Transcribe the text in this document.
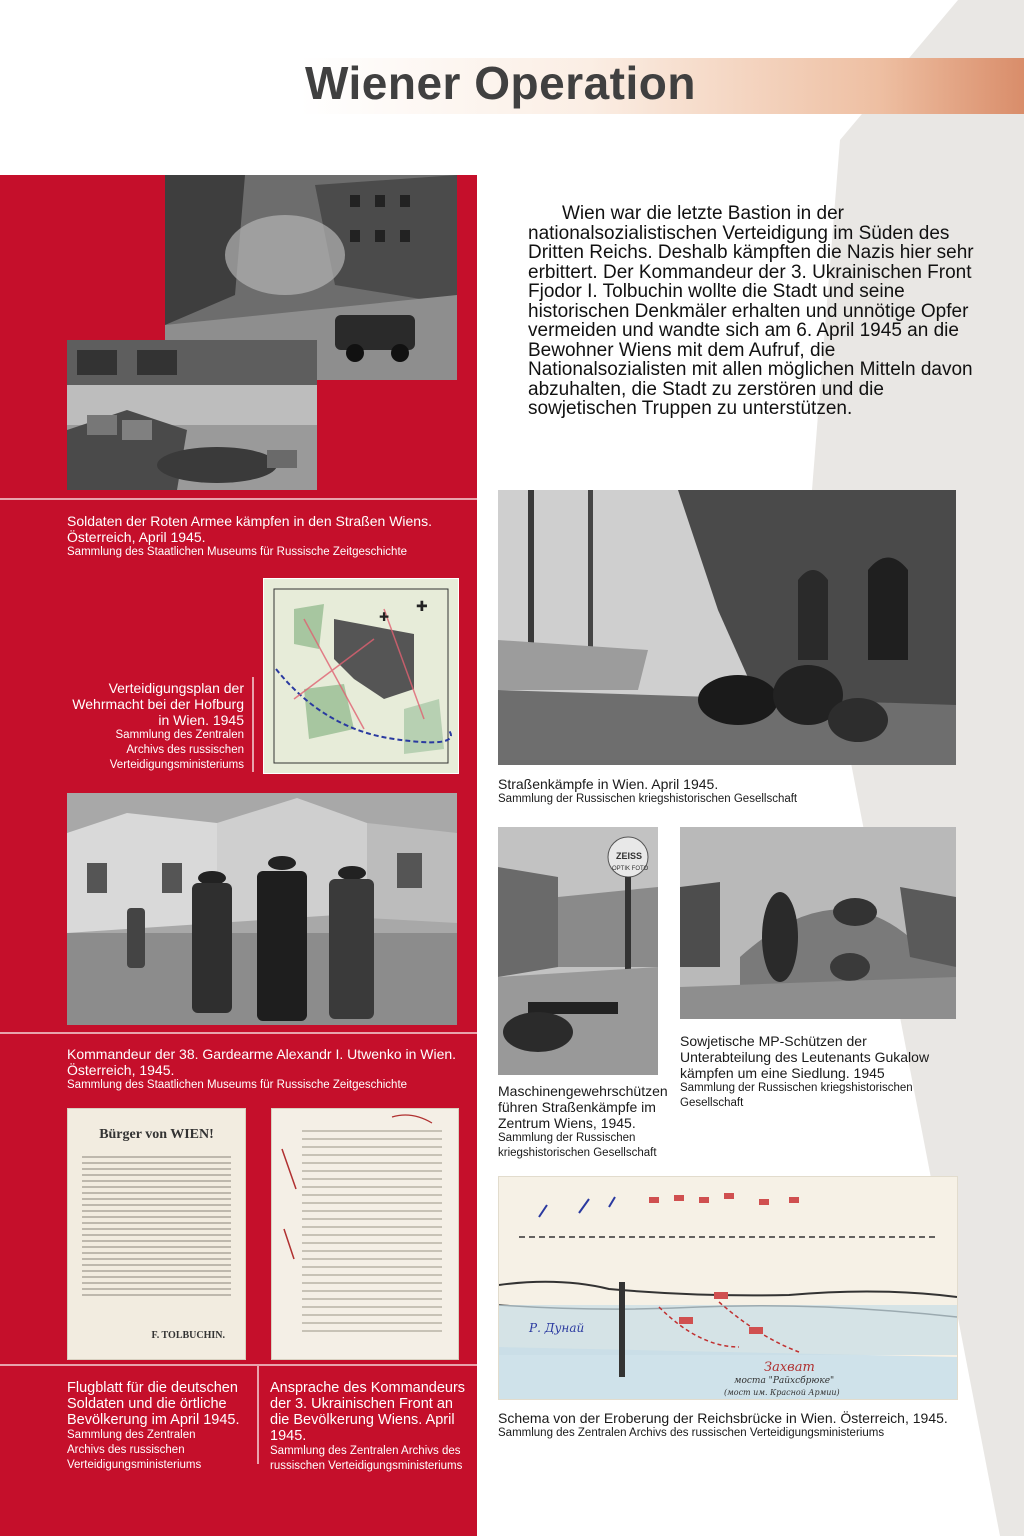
Wiener Operation
Soldaten der Roten Armee kämpfen in den Straßen Wiens.
Österreich, April 1945.
Sammlung des Staatlichen Museums für Russische Zeitgeschichte
✚
✚
Verteidigungsplan der
Wehrmacht bei der Hofburg
in Wien. 1945
Sammlung des Zentralen
Archivs des russischen
Verteidigungsministeriums
Kommandeur der 38. Gardearme Alexandr I. Utwenko in Wien.
Österreich, 1945.
Sammlung des Staatlichen Museums für Russische Zeitgeschichte
Bürger von WIEN!
F. TOLBUCHIN.
Flugblatt für die deutschen
Soldaten und die örtliche
Bevölkerung im April 1945.
Sammlung des Zentralen
Archivs des russischen
Verteidigungsministeriums
Ansprache des Kommandeurs
der 3. Ukrainischen Front an
die Bevölkerung Wiens. April
1945.
Sammlung des Zentralen Archivs des
russischen Verteidigungsministeriums

Wien war die letzte Bastion in der nationalsozialistischen Verteidigung im Süden des Dritten Reichs. Deshalb kämpften die Nazis hier sehr erbittert. Der Kommandeur der 3. Ukrainischen Front Fjodor I. Tolbuchin wollte die Stadt und seine historischen Denkmäler erhalten und unnötige Opfer vermeiden und wandte sich am 6. April 1945 an die Bewohner Wiens mit dem Aufruf, die Nationalsozialisten mit allen möglichen Mitteln davon abzuhalten, die Stadt zu zerstören und die sowjetischen Truppen zu unterstützen.

Straßenkämpfe in Wien. April 1945.
Sammlung der Russischen kriegshistorischen Gesellschaft
ZEISS
OPTIK FOTO
Maschinengewehrschützen
führen Straßenkämpfe im
Zentrum Wiens, 1945.
Sammlung der Russischen
kriegshistorischen Gesellschaft
Sowjetische MP-Schützen der
Unterabteilung des Leutenants Gukalow
kämpfen um eine Siedlung. 1945
Sammlung der Russischen kriegshistorischen
Gesellschaft
Р. Дунай
Захват
моста "Райхсбрюке"
(мост им. Красной Армии)
Schema von der Eroberung der Reichsbrücke in Wien. Österreich, 1945.
Sammlung des Zentralen Archivs des russischen Verteidigungsministeriums
